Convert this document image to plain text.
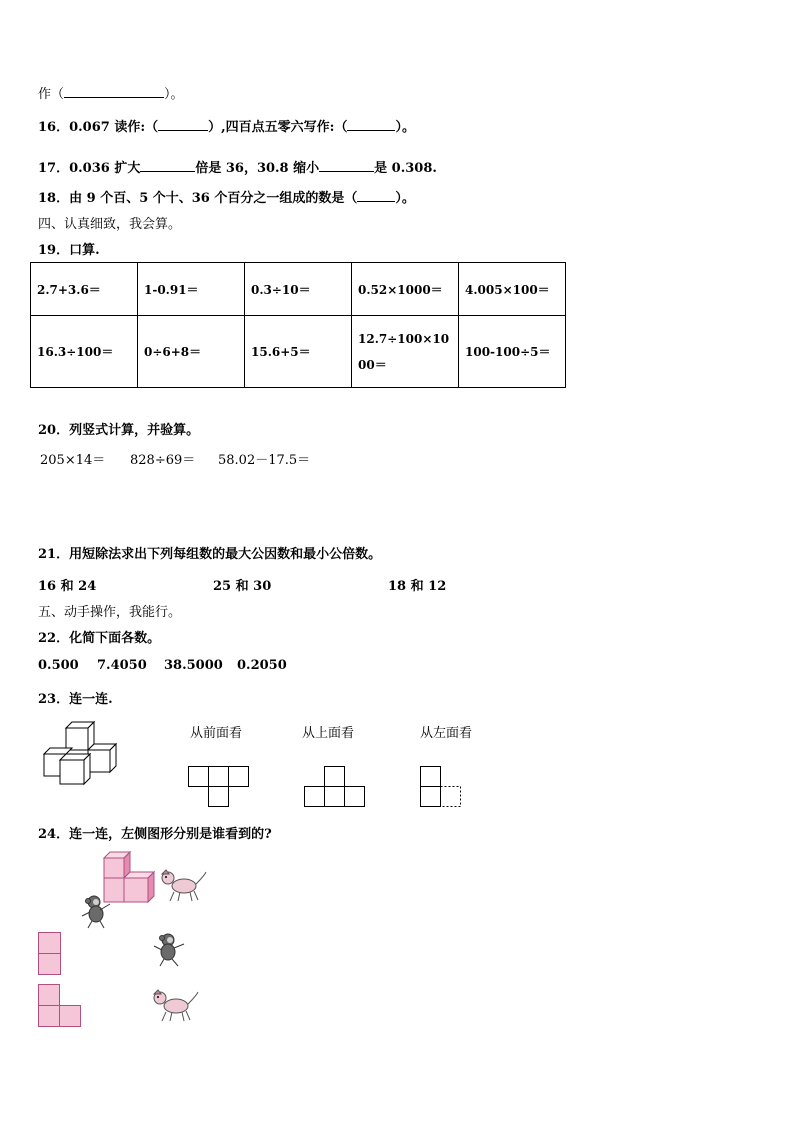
作（	）。
16．0.067 读作:（	）,四百点五零六写作:（	）。
17．0.036 扩大	倍是 36，30.8 缩小	是 0.308.
18．由 9 个百、5 个十、36 个百分之一组成的数是（	）。
四、认真细致，我会算。
19．口算.
2.7+3.6＝	1-0.91＝	0.3÷10＝	0.52×1000＝	4.005×100＝
16.3÷100＝	0÷6+8＝	15.6+5＝	12.7÷100×1000＝	100-100÷5＝
20．列竖式计算，并验算。
205×14＝ 828÷69＝ 58.02－17.5＝
21．用短除法求出下列每组数的最大公因数和最小公倍数。
16 和 24	25 和 30	18 和 12
五、动手操作，我能行。
22．化简下面各数。
0.500 7.4050 38.5000 0.2050
23．连一连.
从前面看	从上面看	从左面看
24．连一连，左侧图形分别是谁看到的?
